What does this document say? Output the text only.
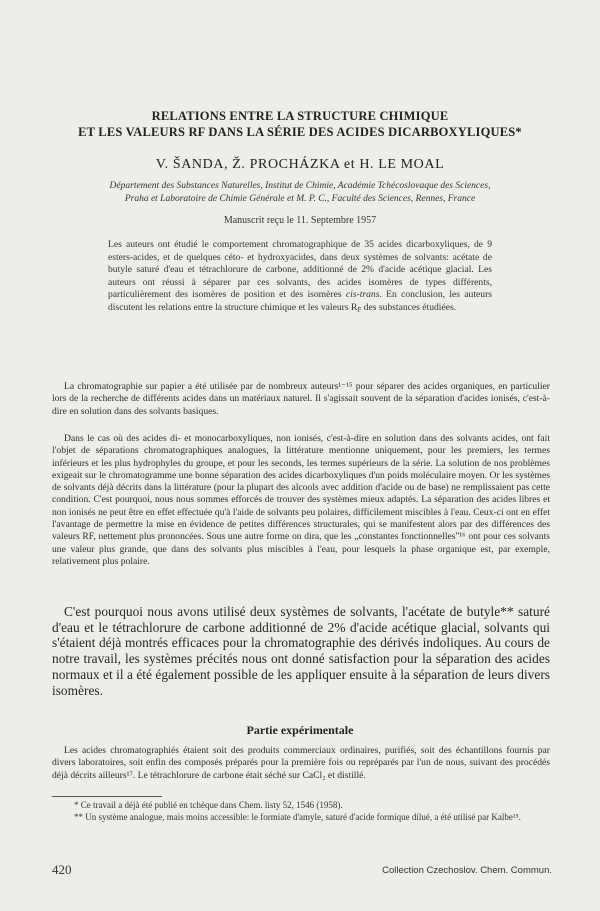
RELATIONS ENTRE LA STRUCTURE CHIMIQUE
ET LES VALEURS RF DANS LA SÉRIE DES ACIDES DICARBOXYLIQUES*
V. ŠANDA, Ž. PROCHÁZKA et H. LE MOAL
Département des Substances Naturelles, Institut de Chimie, Académie Tchécoslovaque des Sciences,
Praha et Laboratoire de Chimie Générale et M. P. C., Faculté des Sciences, Rennes, France
Manuscrit reçu le 11. Septembre 1957
Les auteurs ont étudié le comportement chromatographique de 35 acides dicarboxyliques, de 9 esters-acides, et de quelques céto- et hydroxyacides, dans deux systèmes de solvants: acétate de butyle saturé d'eau et tétrachlorure de carbone, additionné de 2% d'acide acétique glacial. Les auteurs ont réussi à séparer par ces solvants, des acides isomères de types différents, particulièrement des isomères de position et des isomères cis-trans. En conclusion, les auteurs discutent les relations entre la structure chimique et les valeurs $R_F$ des substances étudiées.
La chromatographie sur papier a été utilisée par de nombreux auteurs¹⁻¹⁵ pour séparer des acides organiques, en particulier lors de la recherche de différents acides dans un matériaux naturel. Il s'agissait souvent de la séparation d'acides ionisés, c'est-à-dire en solution dans des solvants basiques.
Dans le cas où des acides di- et monocarboxyliques, non ionisés, c'est-à-dire en solution dans des solvants acides, ont fait l'objet de séparations chromatographiques analogues, la littérature mentionne uniquement, pour les premiers, les termes inférieurs et les plus hydrophyles du groupe, et pour les seconds, les termes supérieurs de la série. La solution de nos problèmes exigeait sur le chromatogramme une bonne séparation des acides dicarboxyliques d'un poids moléculaire moyen. Or les systèmes de solvants déjà décrits dans la littérature (pour la plupart des alcools avec addition d'acide ou de base) ne remplissaient pas cette condition. C'est pourquoi, nous nous sommes efforcés de trouver des systèmes mieux adaptés. La séparation des acides libres et non ionisés ne peut être en effet effectuée qu'à l'aide de solvants peu polaires, difficilement miscibles à l'eau. Ceux-ci ont en effet l'avantage de permettre la mise en évidence de petites différences structurales, qui se manifestent alors par des différences des valeurs RF, nettement plus prononcées. Sous une autre forme on dira, que les „constantes fonctionnelles"¹⁶ ont pour ces solvants une valeur plus grande, que dans des solvants plus miscibles à l'eau, pour lesquels la phase organique est, par exemple, relativement plus polaire.
C'est pourquoi nous avons utilisé deux systèmes de solvants, l'acétate de butyle** saturé d'eau et le tétrachlorure de carbone additionné de 2% d'acide acétique glacial, solvants qui s'étaient déjà montrés efficaces pour la chromatographie des dérivés indoliques. Au cours de notre travail, les systèmes précités nous ont donné satisfaction pour la séparation des acides normaux et il a été également possible de les appliquer ensuite à la séparation de leurs divers isomères.
Partie expérimentale
Les acides chromatographiés étaient soit des produits commerciaux ordinaires, purifiés, soit des échantillons fournis par divers laboratoires, soit enfin des composés préparés pour la première fois ou repréparés par l'un de nous, suivant des procédés déjà décrits ailleurs¹⁷. Le tétrachlorure de carbone était séché sur CaCl₂ et distillé.
* Ce travail a déjà été publié en tchèque dans Chem. listy 52, 1546 (1958).
** Un système analogue, mais moins accessible: le formiate d'amyle, saturé d'acide formique dilué, a été utilisé par Kalbe¹⁵.
420	Collection Czechoslov. Chem. Commun.
